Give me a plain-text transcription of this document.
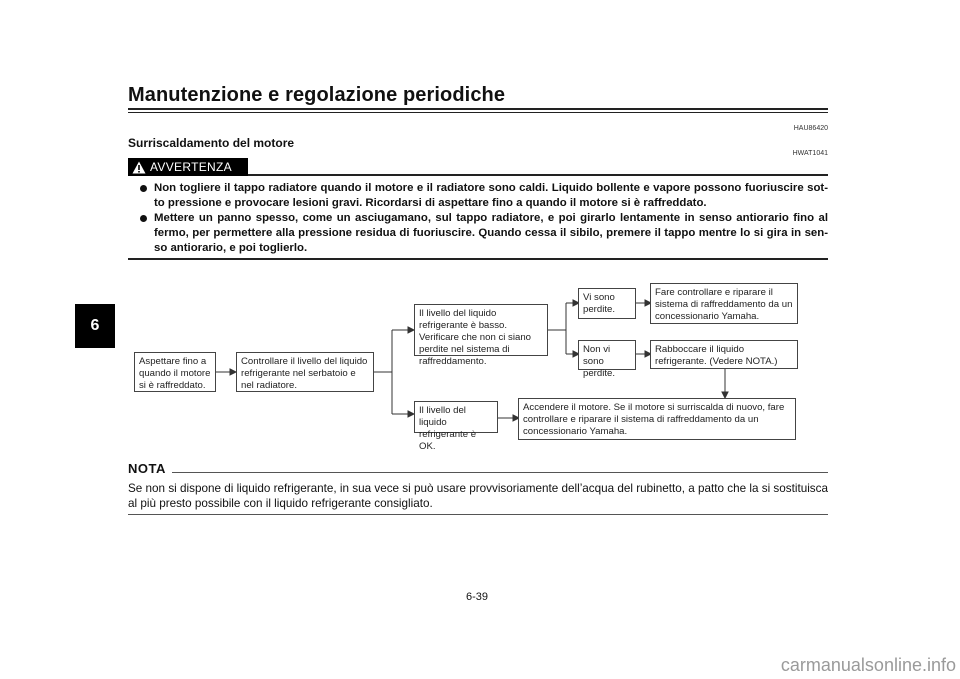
Manutenzione e regolazione periodiche
6
HAU86420
Surriscaldamento del motore
AVVERTENZA
HWAT1041
Non togliere il tappo radiatore quando il motore e il radiatore sono caldi. Liquido bollente e vapore possono fuoriuscire sot-to pressione e provocare lesioni gravi. Ricordarsi di aspettare fino a quando il motore si è raffreddato.
Mettere un panno spesso, come un asciugamano, sul tappo radiatore, e poi girarlo lentamente in senso antiorario fino al fermo, per permettere alla pressione residua di fuoriuscire. Quando cessa il sibilo, premere il tappo mentre lo si gira in sen-so antiorario, e poi toglierlo.
Aspettare fino a quando il motore si è raffreddato.
Controllare il livello del liquido refrigerante nel serbatoio e nel radiatore.
Il livello del liquido refrigerante è basso. Verificare che non ci siano perdite nel sistema di raffreddamento.
Il livello del liquido refrigerante è OK.
Vi sono perdite.
Non vi sono perdite.
Fare controllare e riparare il sistema di raffreddamento da un concessionario Yamaha.
Rabboccare il liquido refrigerante. (Vedere NOTA.)
Accendere il motore. Se il motore si surriscalda di nuovo, fare controllare e riparare il sistema di raffreddamento da un concessionario Yamaha.
NOTA
Se non si dispone di liquido refrigerante, in sua vece si può usare provvisoriamente dell’acqua del rubinetto, a patto che la si sostituisca al più presto possibile con il liquido refrigerante consigliato.
6-39
carmanualsonline.info
